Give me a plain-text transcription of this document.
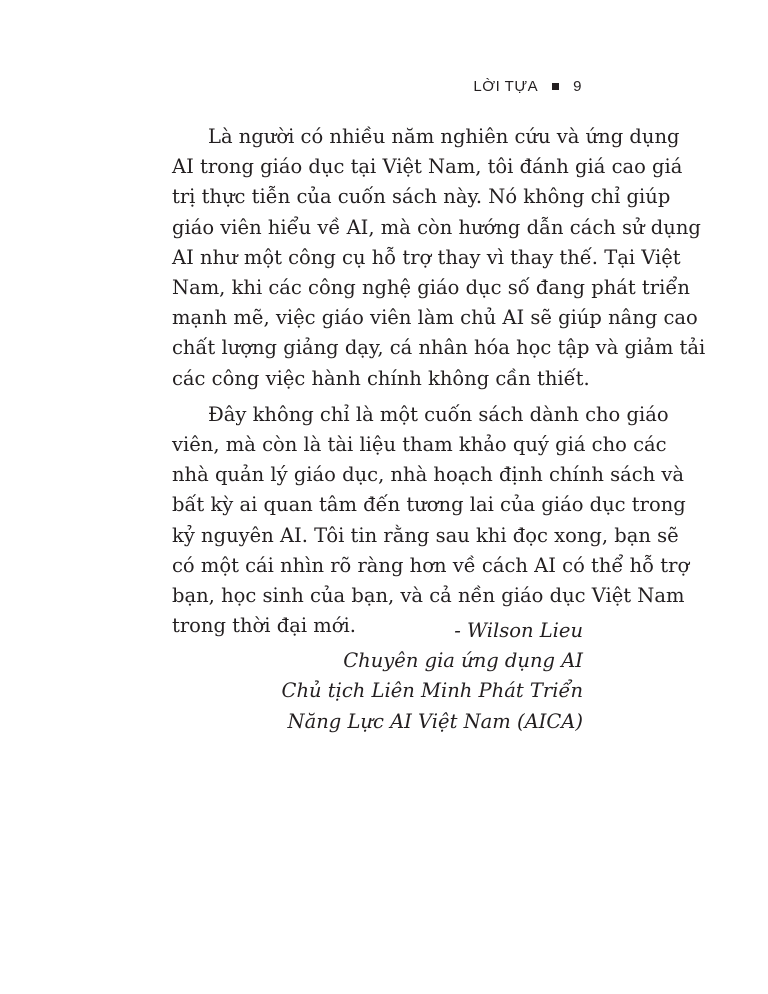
LỜI TỰA 9

Là người có nhiều năm nghiên cứu và ứng dụng
AI trong giáo dục tại Việt Nam, tôi đánh giá cao giá
trị thực tiễn của cuốn sách này. Nó không chỉ giúp
giáo viên hiểu về AI, mà còn hướng dẫn cách sử dụng
AI như một công cụ hỗ trợ thay vì thay thế. Tại Việt
Nam, khi các công nghệ giáo dục số đang phát triển
mạnh mẽ, việc giáo viên làm chủ AI sẽ giúp nâng cao
chất lượng giảng dạy, cá nhân hóa học tập và giảm tải
các công việc hành chính không cần thiết.

Đây không chỉ là một cuốn sách dành cho giáo
viên, mà còn là tài liệu tham khảo quý giá cho các
nhà quản lý giáo dục, nhà hoạch định chính sách và
bất kỳ ai quan tâm đến tương lai của giáo dục trong
kỷ nguyên AI. Tôi tin rằng sau khi đọc xong, bạn sẽ
có một cái nhìn rõ ràng hơn về cách AI có thể hỗ trợ
bạn, học sinh của bạn, và cả nền giáo dục Việt Nam
trong thời đại mới.	- Wilson Lieu
Chuyên gia ứng dụng AI
Chủ tịch Liên Minh Phát Triển
Năng Lực AI Việt Nam (AICA)
